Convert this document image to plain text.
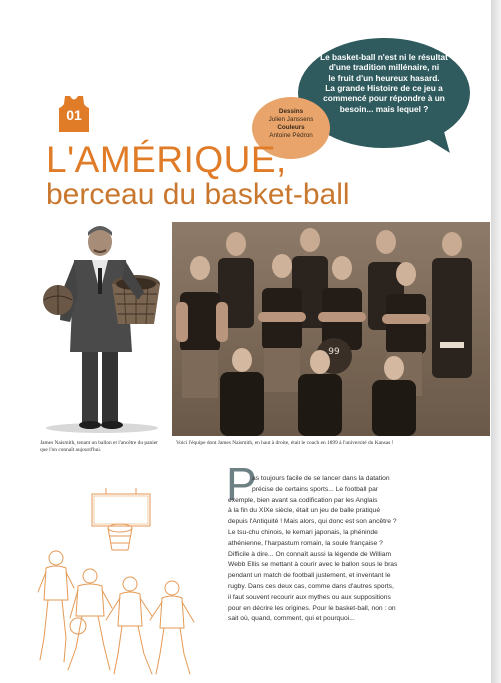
Le basket-ball n'est ni le résultat
d'une tradition millénaire, ni
le fruit d'un heureux hasard.
La grande Histoire de ce jeu a
commencé pour répondre à un
besoin... mais lequel ?
Dessins
Julien Janssens
Couleurs
Antoine Pédron
01
L'AMÉRIQUE,
berceau du basket-ball
James Naismith, tenant un ballon et l'ancêtre du panier que l'on connaît aujourd'hui.
99
Voici l'équipe dont James Naismith, en haut à droite, était le coach en 1899 à l'université du Kansas !
P
as toujours facile de se lancer dans la datation
précise de certains sports... Le football par
exemple, bien avant sa codification par les Anglais
à la fin du XIXe siècle, était un jeu de balle pratiqué
depuis l'Antiquité ! Mais alors, qui donc est son ancêtre ?
Le tsu-chu chinois, le kemari japonais, la phéninde
athénienne, l'harpastum romain, la soule française ?
Difficile à dire... On connaît aussi la légende de William
Webb Ellis se mettant à courir avec le ballon sous le bras
pendant un match de football justement, et inventant le
rugby. Dans ces deux cas, comme dans d'autres sports,
il faut souvent recourir aux mythes ou aux suppositions
pour en décrire les origines. Pour le basket-ball, non : on
sait où, quand, comment, qui et pourquoi...
